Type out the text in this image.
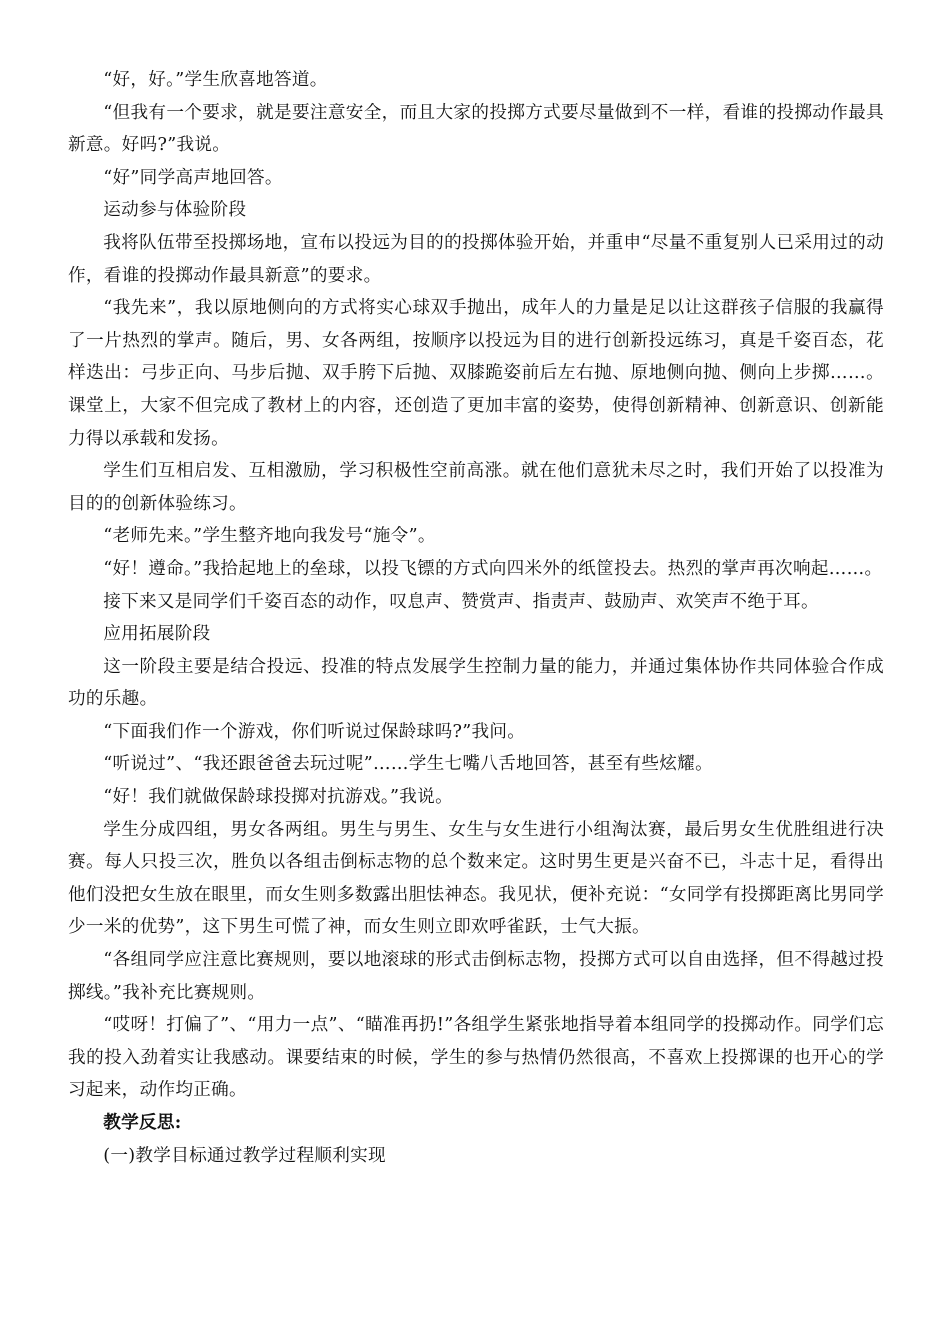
“好，好。”学生欣喜地答道。

“但我有一个要求，就是要注意安全，而且大家的投掷方式要尽量做到不一样，看谁的投掷动作最具新意。好吗?”我说。

“好”同学高声地回答。

运动参与体验阶段

我将队伍带至投掷场地，宣布以投远为目的的投掷体验开始，并重申“尽量不重复别人已采用过的动作，看谁的投掷动作最具新意”的要求。

“我先来”，我以原地侧向的方式将实心球双手抛出，成年人的力量是足以让这群孩子信服的我赢得了一片热烈的掌声。随后，男、女各两组，按顺序以投远为目的进行创新投远练习，真是千姿百态，花样迭出：弓步正向、马步后抛、双手胯下后抛、双膝跪姿前后左右抛、原地侧向抛、侧向上步掷……。课堂上，大家不但完成了教材上的内容，还创造了更加丰富的姿势，使得创新精神、创新意识、创新能力得以承载和发扬。

学生们互相启发、互相激励，学习积极性空前高涨。就在他们意犹未尽之时，我们开始了以投准为目的的创新体验练习。

“老师先来。”学生整齐地向我发号“施令”。

“好！遵命。”我拾起地上的垒球，以投飞镖的方式向四米外的纸筐投去。热烈的掌声再次响起……。

接下来又是同学们千姿百态的动作，叹息声、赞赏声、指责声、鼓励声、欢笑声不绝于耳。

应用拓展阶段

这一阶段主要是结合投远、投准的特点发展学生控制力量的能力，并通过集体协作共同体验合作成功的乐趣。

“下面我们作一个游戏，你们听说过保龄球吗?”我问。

“听说过”、“我还跟爸爸去玩过呢”……学生七嘴八舌地回答，甚至有些炫耀。

“好！我们就做保龄球投掷对抗游戏。”我说。

学生分成四组，男女各两组。男生与男生、女生与女生进行小组淘汰赛，最后男女生优胜组进行决赛。每人只投三次，胜负以各组击倒标志物的总个数来定。这时男生更是兴奋不已，斗志十足，看得出他们没把女生放在眼里，而女生则多数露出胆怯神态。我见状，便补充说：“女同学有投掷距离比男同学少一米的优势”，这下男生可慌了神，而女生则立即欢呼雀跃，士气大振。

“各组同学应注意比赛规则，要以地滚球的形式击倒标志物，投掷方式可以自由选择，但不得越过投掷线。”我补充比赛规则。

“哎呀！打偏了”、“用力一点”、“瞄准再扔!”各组学生紧张地指导着本组同学的投掷动作。同学们忘我的投入劲着实让我感动。课要结束的时候，学生的参与热情仍然很高，不喜欢上投掷课的也开心的学习起来，动作均正确。

教学反思:

(一)教学目标通过教学过程顺利实现
